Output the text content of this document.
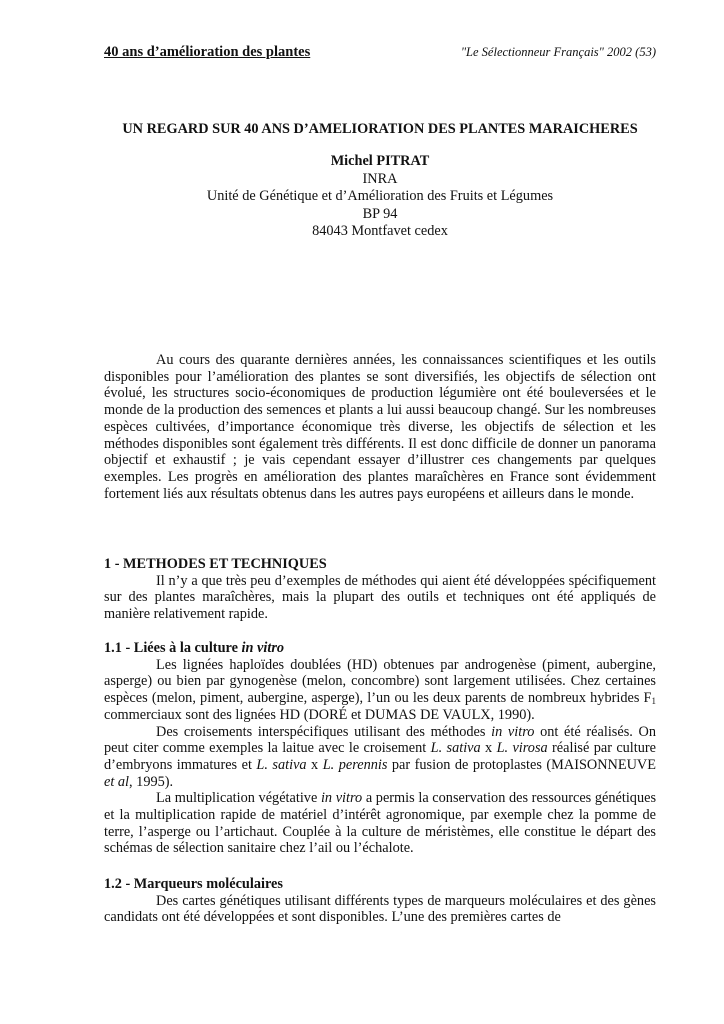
40 ans d’amélioration des plantes	"Le Sélectionneur Français" 2002 (53)
UN REGARD SUR 40 ANS D’AMELIORATION DES PLANTES MARAICHERES
Michel PITRAT
INRA
Unité de Génétique et d’Amélioration des Fruits et Légumes
BP 94
84043 Montfavet cedex

Au cours des quarante dernières années, les connaissances scientifiques et les outils disponibles pour l’amélioration des plantes se sont diversifiés, les objectifs de sélection ont évolué, les structures socio-économiques de production légumière ont été bouleversées et le monde de la production des semences et plants a lui aussi beaucoup changé. Sur les nombreuses espèces cultivées, d’importance économique très diverse, les objectifs de sélection et les méthodes disponibles sont également très différents. Il est donc difficile de donner un panorama objectif et exhaustif ; je vais cependant essayer d’illustrer ces changements par quelques exemples. Les progrès en amélioration des plantes maraîchères en France sont évidemment fortement liés aux résultats obtenus dans les autres pays européens et ailleurs dans le monde.

1 - METHODES ET TECHNIQUES

Il n’y a que très peu d’exemples de méthodes qui aient été développées spécifiquement sur des plantes maraîchères, mais la plupart des outils et techniques ont été appliqués de manière relativement rapide.

1.1 - Liées à la culture in vitro

Les lignées haploïdes doublées (HD) obtenues par androgenèse (piment, aubergine, asperge) ou bien par gynogenèse (melon, concombre) sont largement utilisées. Chez certaines espèces (melon, piment, aubergine, asperge), l’un ou les deux parents de nombreux hybrides $F_1$ commerciaux sont des lignées HD (DORÉ et DUMAS DE VAULX, 1990).

Des croisements interspécifiques utilisant des méthodes in vitro ont été réalisés. On peut citer comme exemples la laitue avec le croisement L. sativa x L. virosa réalisé par culture d’embryons immatures et L. sativa x L. perennis par fusion de protoplastes (MAISONNEUVE et al, 1995).

La multiplication végétative in vitro a permis la conservation des ressources génétiques et la multiplication rapide de matériel d’intérêt agronomique, par exemple chez la pomme de terre, l’asperge ou l’artichaut. Couplée à la culture de méristèmes, elle constitue le départ des schémas de sélection sanitaire chez l’ail ou l’échalote.

1.2 - Marqueurs moléculaires

Des cartes génétiques utilisant différents types de marqueurs moléculaires et des gènes candidats ont été développées et sont disponibles. L’une des premières cartes de
